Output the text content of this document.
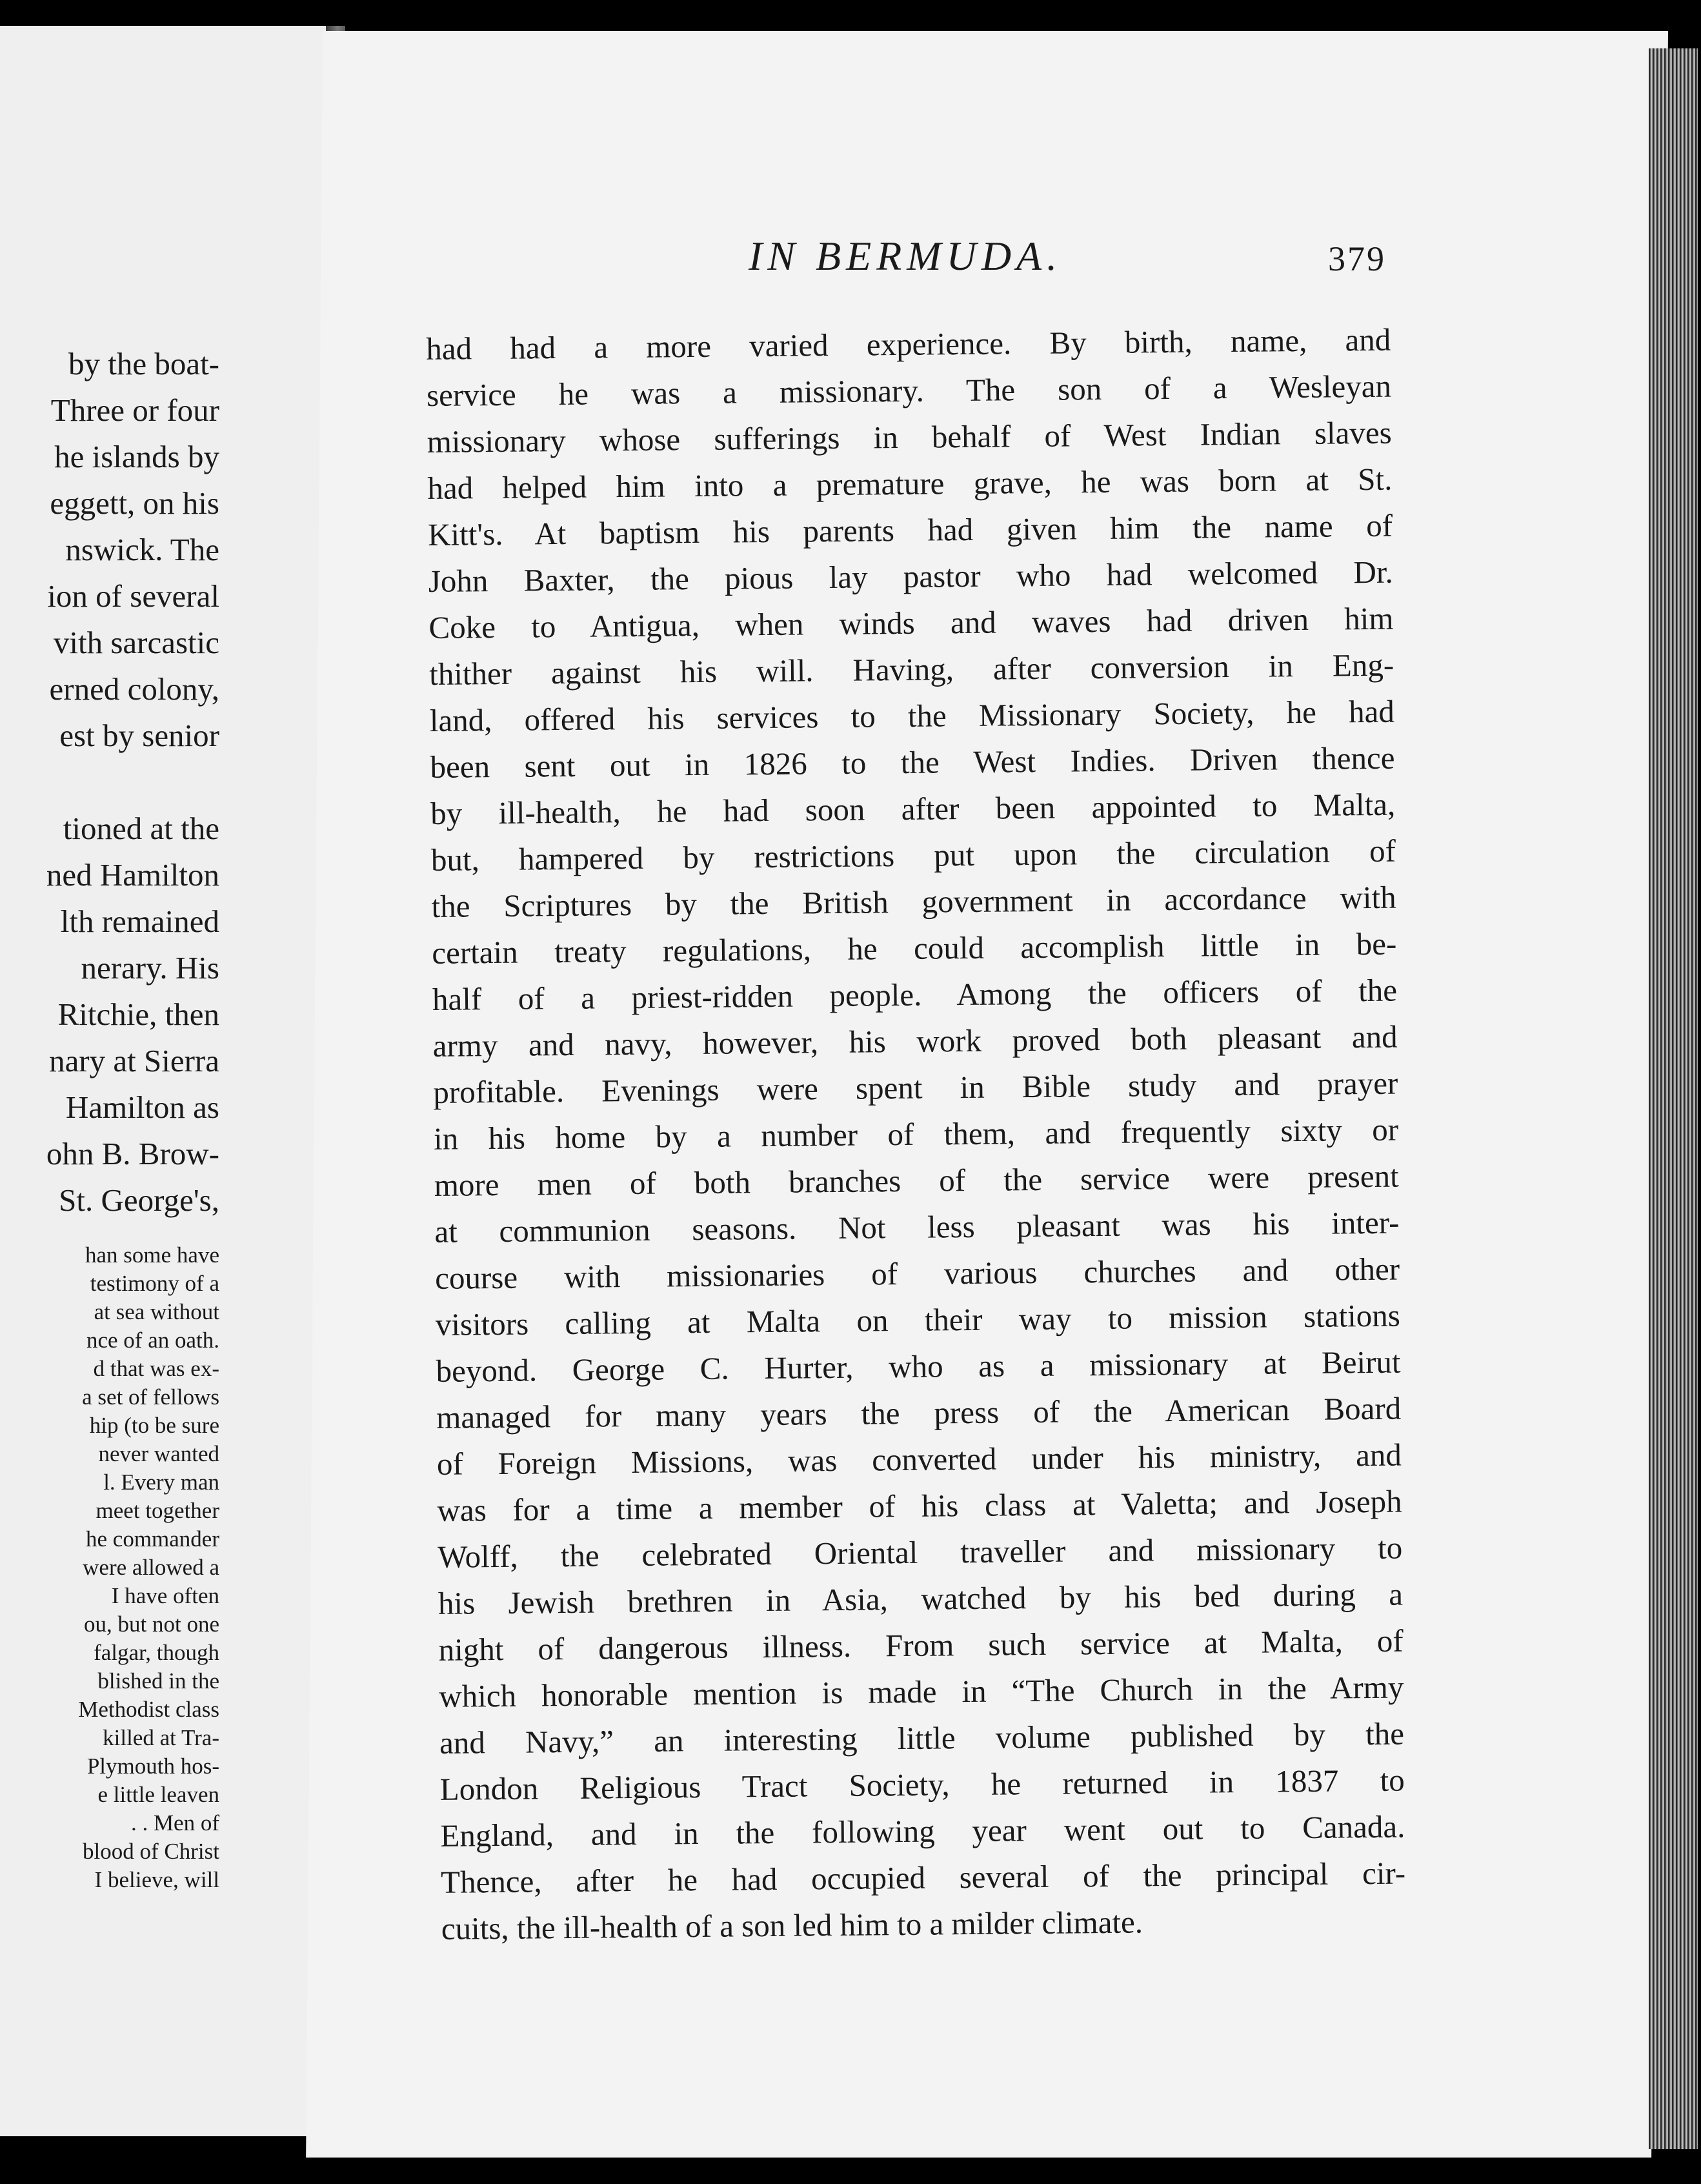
by the boat-
Three or four
he islands by
eggett, on his
nswick. The
ion of several
vith sarcastic
erned colony,
est by senior
tioned at the
ned Hamilton
lth remained
nerary. His
Ritchie, then
nary at Sierra
Hamilton as
ohn B. Brow-
St. George's,
han some have
testimony of a
at sea without
nce of an oath.
d that was ex-
a set of fellows
hip (to be sure
never wanted
l. Every man
meet together
he commander
were allowed a
I have often
ou, but not one
falgar, though
blished in the
Methodist class
killed at Tra-
Plymouth hos-
e little leaven
. . Men of
blood of Christ
I believe, will
IN BERMUDA.	379
had had a more varied experience. By birth, name, and
service he was a missionary. The son of a Wesleyan
missionary whose sufferings in behalf of West Indian slaves
had helped him into a premature grave, he was born at St.
Kitt's. At baptism his parents had given him the name of
John Baxter, the pious lay pastor who had welcomed Dr.
Coke to Antigua, when winds and waves had driven him
thither against his will. Having, after conversion in Eng-
land, offered his services to the Missionary Society, he had
been sent out in 1826 to the West Indies. Driven thence
by ill-health, he had soon after been appointed to Malta,
but, hampered by restrictions put upon the circulation of
the Scriptures by the British government in accordance with
certain treaty regulations, he could accomplish little in be-
half of a priest-ridden people. Among the officers of the
army and navy, however, his work proved both pleasant and
profitable. Evenings were spent in Bible study and prayer
in his home by a number of them, and frequently sixty or
more men of both branches of the service were present
at communion seasons. Not less pleasant was his inter-
course with missionaries of various churches and other
visitors calling at Malta on their way to mission stations
beyond. George C. Hurter, who as a missionary at Beirut
managed for many years the press of the American Board
of Foreign Missions, was converted under his ministry, and
was for a time a member of his class at Valetta; and Joseph
Wolff, the celebrated Oriental traveller and missionary to
his Jewish brethren in Asia, watched by his bed during a
night of dangerous illness. From such service at Malta, of
which honorable mention is made in “The Church in the Army
and Navy,” an interesting little volume published by the
London Religious Tract Society, he returned in 1837 to
England, and in the following year went out to Canada.
Thence, after he had occupied several of the principal cir-
cuits, the ill-health of a son led him to a milder climate.
